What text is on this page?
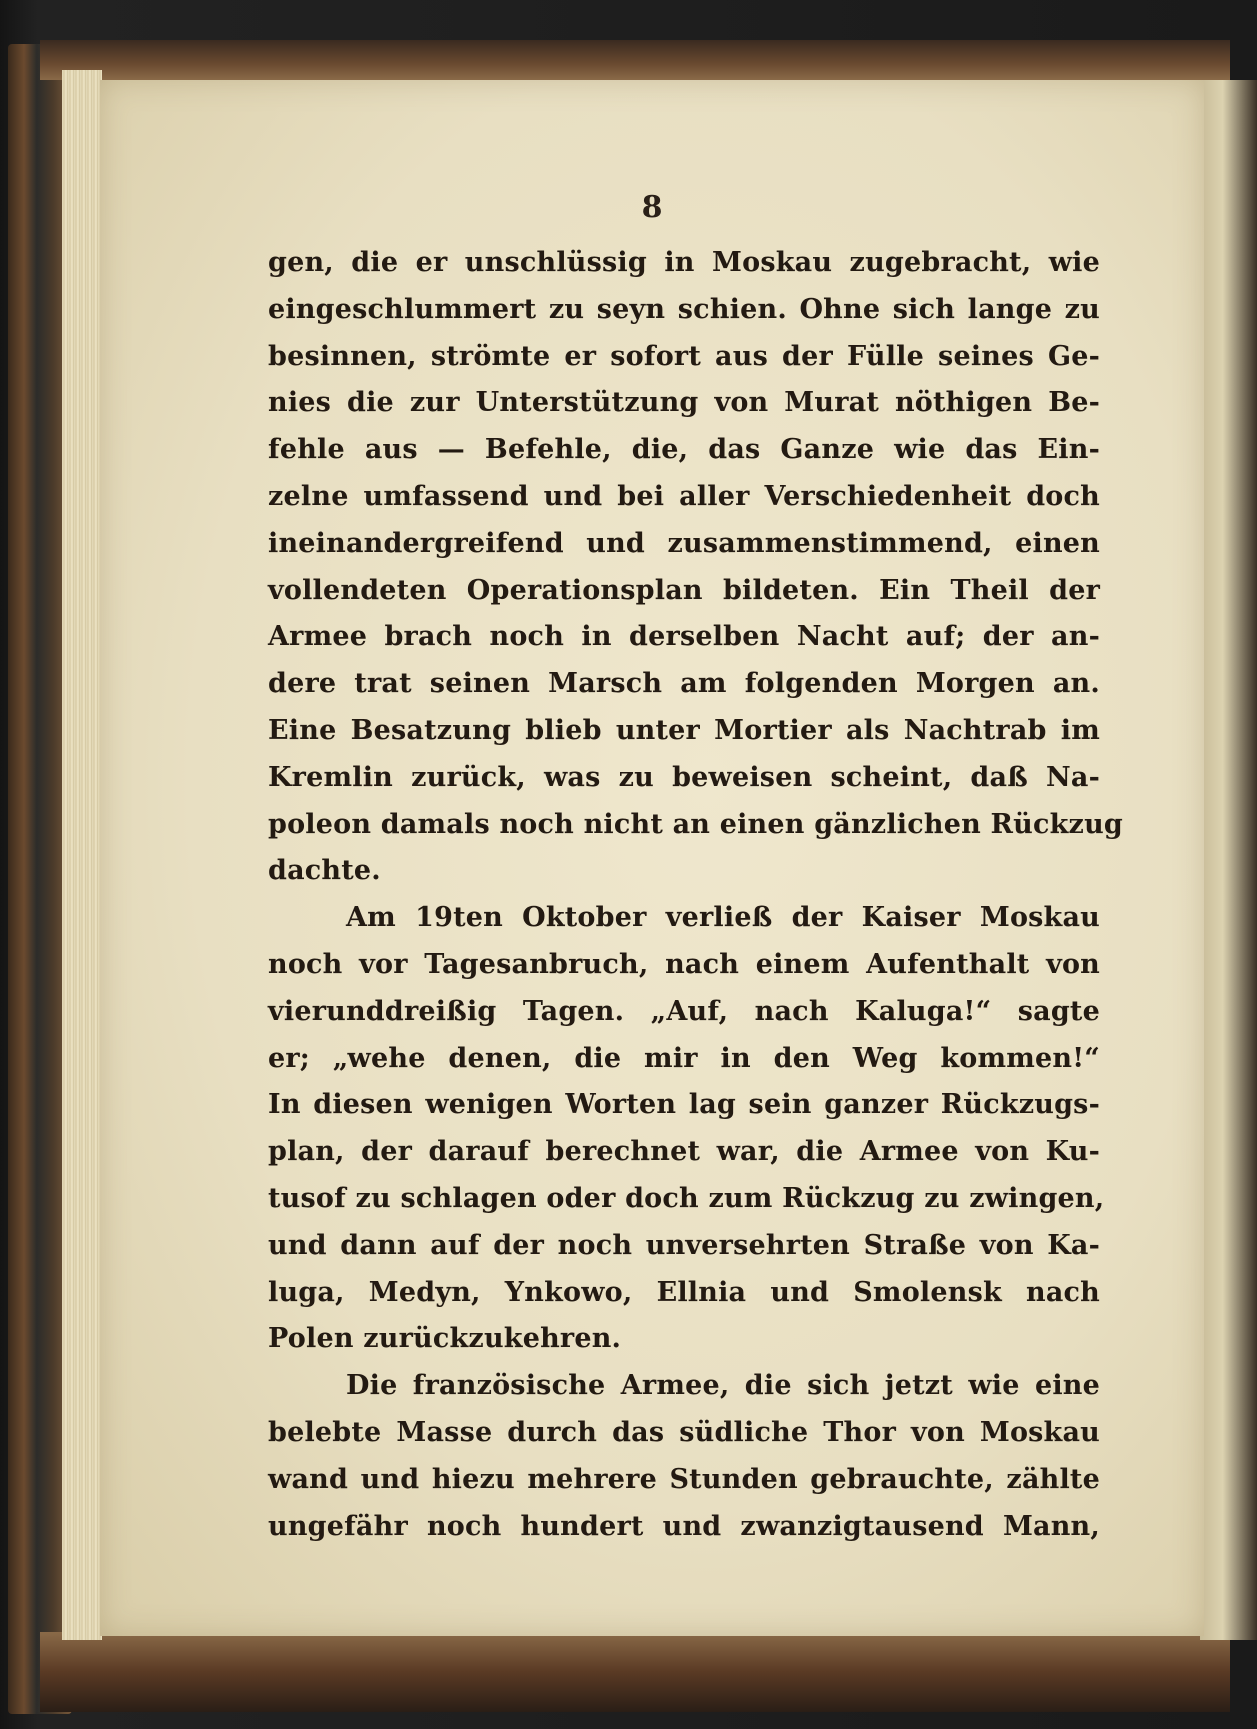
8
gen, die er unschlüssig in Moskau zugebracht, wie
eingeschlummert zu seyn schien. Ohne sich lange zu
besinnen, strömte er sofort aus der Fülle seines Ge-
nies die zur Unterstützung von Murat nöthigen Be-
fehle aus — Befehle, die, das Ganze wie das Ein-
zelne umfassend und bei aller Verschiedenheit doch
ineinandergreifend und zusammenstimmend, einen
vollendeten Operationsplan bildeten. Ein Theil der
Armee brach noch in derselben Nacht auf; der an-
dere trat seinen Marsch am folgenden Morgen an.
Eine Besatzung blieb unter Mortier als Nachtrab im
Kremlin zurück, was zu beweisen scheint, daß Na-
poleon damals noch nicht an einen gänzlichen Rückzug
dachte.
Am 19ten Oktober verließ der Kaiser Moskau
noch vor Tagesanbruch, nach einem Aufenthalt von
vierunddreißig Tagen. „Auf, nach Kaluga!“ sagte
er; „wehe denen, die mir in den Weg kommen!“
In diesen wenigen Worten lag sein ganzer Rückzugs-
plan, der darauf berechnet war, die Armee von Ku-
tusof zu schlagen oder doch zum Rückzug zu zwingen,
und dann auf der noch unversehrten Straße von Ka-
luga, Medyn, Ynkowo, Ellnia und Smolensk nach
Polen zurückzukehren.
Die französische Armee, die sich jetzt wie eine
belebte Masse durch das südliche Thor von Moskau
wand und hiezu mehrere Stunden gebrauchte, zählte
ungefähr noch hundert und zwanzigtausend Mann,
